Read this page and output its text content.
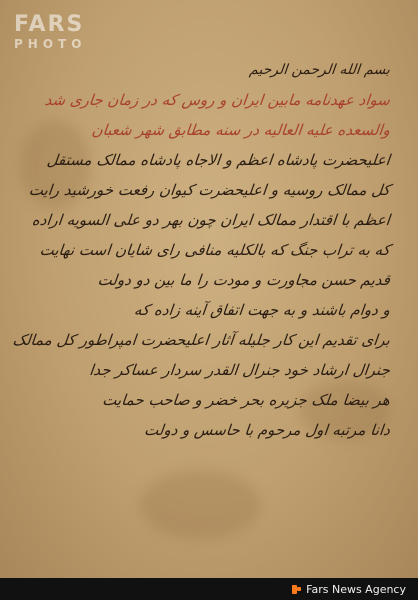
FARS
PHOTO
بسم الله الرحمن الرحیم
سواد عهدنامه مابین ایران و روس که در زمان جاری شد
والسعده علیه العالیه در سنه مطابق شهر شعبان
اعلیحضرت پادشاه اعظم و الاجاه پادشاه ممالک مستقل
کل ممالک روسیه و اعلیحضرت کیوان رفعت خورشید رایت
اعظم با اقتدار ممالک ایران چون بهر دو علی السویه اراده
که به تراب جنگ که بالکلیه منافی رای شایان است نهایت
قدیم حسن مجاورت و مودت را ما بین دو دولت
و دوام باشند و به جهت اتفاق آینه زاده که
برای تقدیم این کار جلیله آثار اعلیحضرت امپراطور کل ممالک
جنرال ارشاد خود جنرال القدر سردار عساکر جدا
هر بیضا ملک جزیره بحر خضر و صاحب حمایت
دانا مرتبه اول مرحوم با حاسس و دولت
Fars News Agency
